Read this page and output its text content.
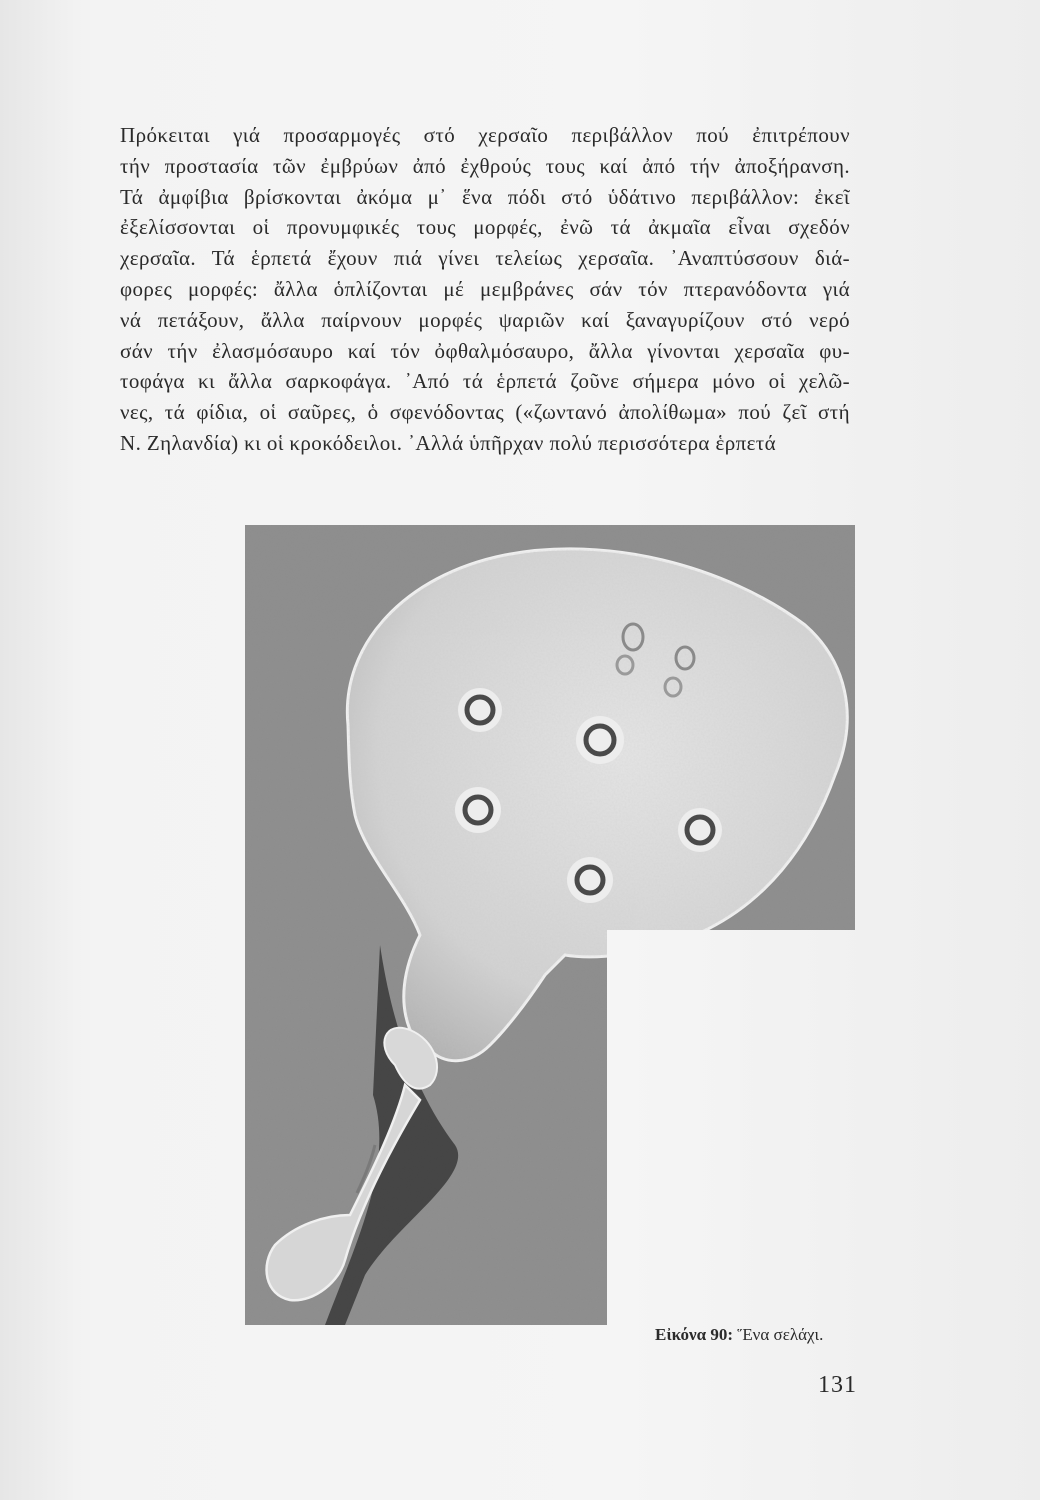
Πρόκειται γιά προσαρμογές στό χερσαῖο περιβάλλον πού ἐπιτρέπουν
τήν προστασία τῶν ἐμβρύων ἀπό ἐχθρούς τους καί ἀπό τήν ἀποξήρανση.
Τά ἀμφίβια βρίσκονται ἀκόμα μ᾿ ἕνα πόδι στό ὑδάτινο περιβάλλον: ἐκεῖ
ἐξελίσσονται οἱ προνυμφικές τους μορφές, ἐνῶ τά ἀκμαῖα εἶναι σχεδόν
χερσαῖα. Τά ἑρπετά ἔχουν πιά γίνει τελείως χερσαῖα. ᾿Αναπτύσσουν διά-
φορες μορφές: ἄλλα ὁπλίζονται μέ μεμβράνες σάν τόν πτερανόδοντα γιά
νά πετάξουν, ἄλλα παίρνουν μορφές ψαριῶν καί ξαναγυρίζουν στό νερό
σάν τήν ἐλασμόσαυρο καί τόν ὀφθαλμόσαυρο, ἄλλα γίνονται χερσαῖα φυ-
τοφάγα κι ἄλλα σαρκοφάγα. ᾿Από τά ἑρπετά ζοῦνε σήμερα μόνο οἱ χελῶ-
νες, τά φίδια, οἱ σαῦρες, ὁ σφενόδοντας («ζωντανό ἀπολίθωμα» πού ζεῖ στή
Ν. Ζηλανδία) κι οἱ κροκόδειλοι. ᾿Αλλά ὑπῆρχαν πολύ περισσότερα ἑρπετά
Εἰκόνα 90: Ἕνα σελάχι.
131
